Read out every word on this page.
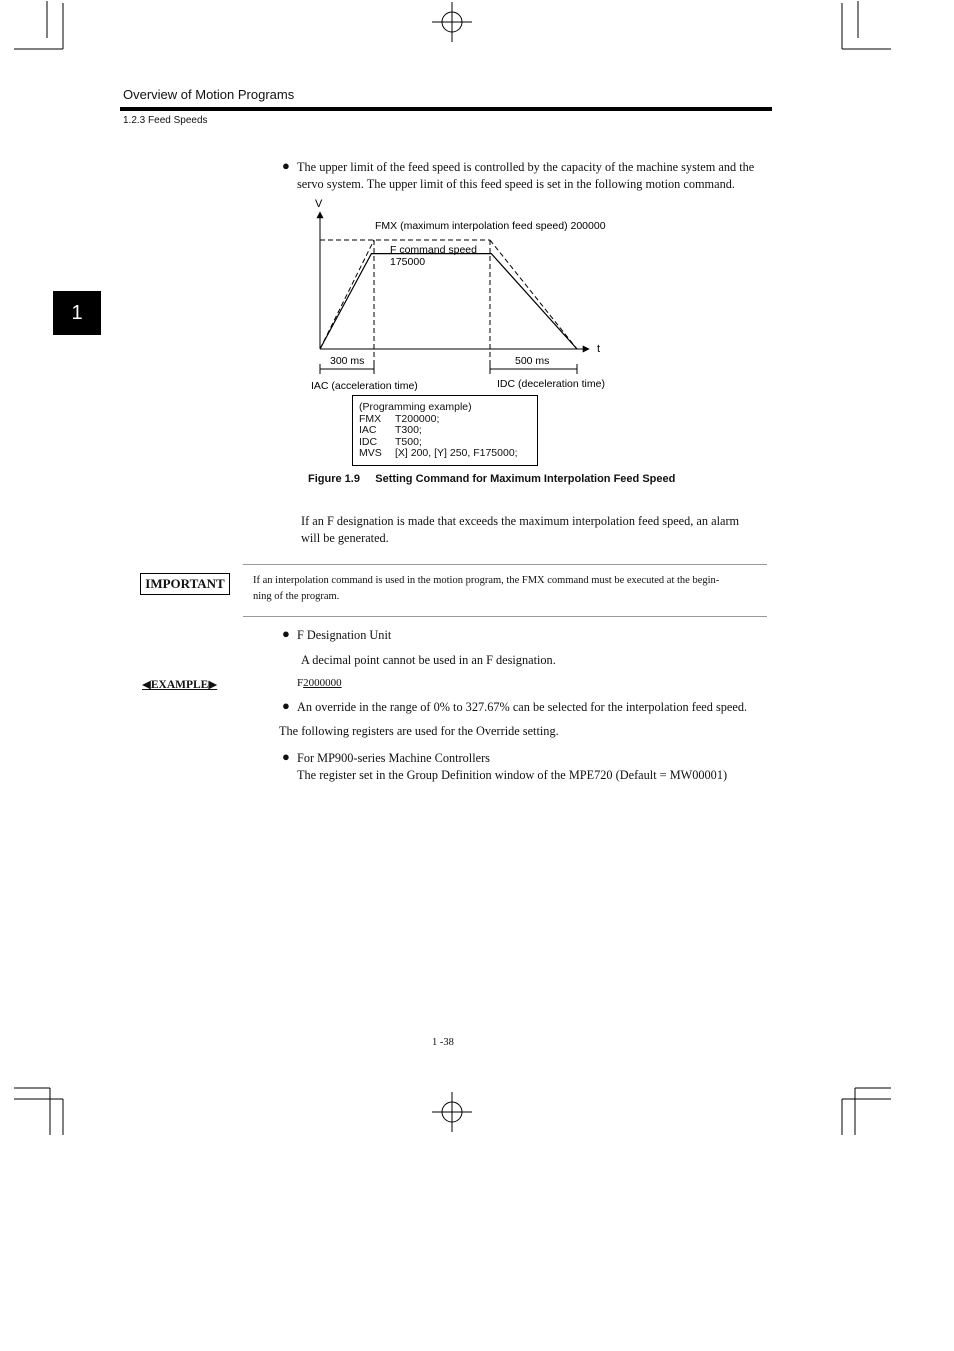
Overview of Motion Programs
1.2.3 Feed Speeds
1
● The upper limit of the feed speed is controlled by the capacity of the machine system and the
servo system. The upper limit of this feed speed is set in the following motion command.
V
t
FMX (maximum interpolation feed speed) 200000
F command speed
175000
300 ms	500 ms
IAC (acceleration time)	IDC (deceleration time)
(Programming example)
FMX	T200000;
IAC	T300;
IDC	T500;
MVS	[X] 200, [Y] 250, F175000;
Figure 1.9     Setting Command for Maximum Interpolation Feed Speed
If an F designation is made that exceeds the maximum interpolation feed speed, an alarm
will be generated.
IMPORTANT	If an interpolation command is used in the motion program, the FMX command must be executed at the begin-
ning of the program.
● F Designation Unit
A decimal point cannot be used in an F designation.
◀EXAMPLE▶	F2000000
● An override in the range of 0% to 327.67% can be selected for the interpolation feed speed.
The following registers are used for the Override setting.
● For MP900-series Machine Controllers
The register set in the Group Definition window of the MPE720 (Default = MW00001)
1 -38
